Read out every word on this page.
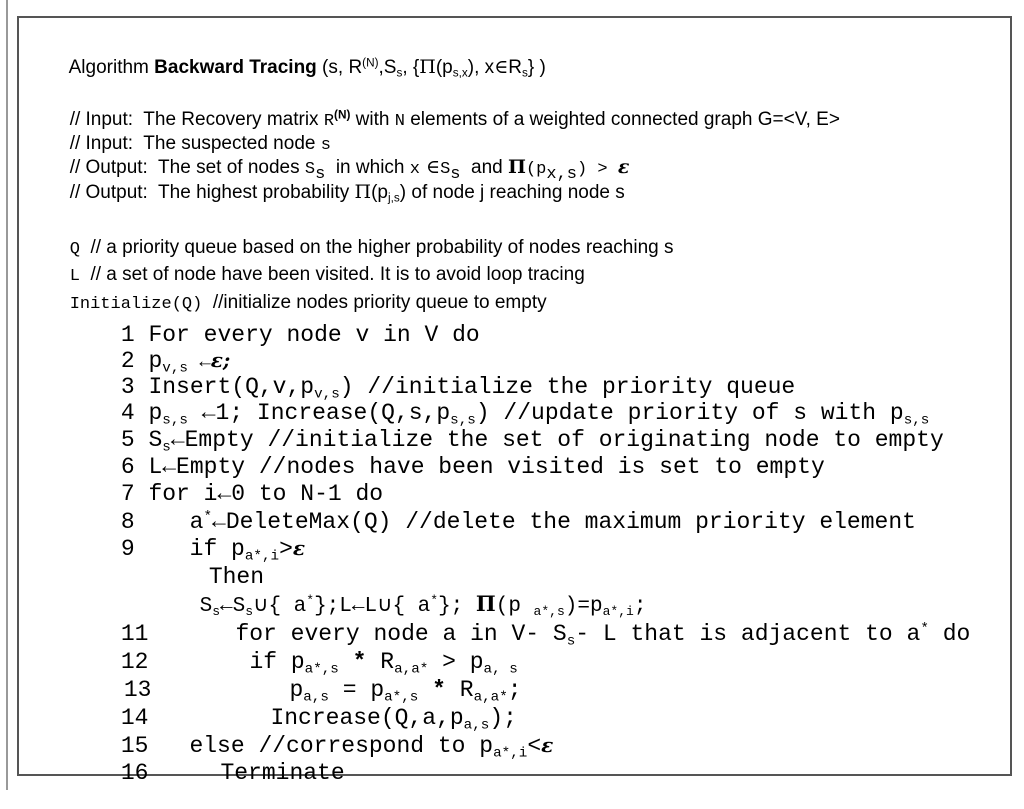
Algorithm Backward Tracing (s, $R^{(N)},S_s$, {$\Pi(p_{s,x})$, $x\in R_s$} )

// Input:  The Recovery matrix $R^{(N)}$ with N elements of a weighted connected graph G=<V, E>

// Input:  The suspected node s

// Output:  The set of nodes $S_s$  in which x $\in S_s$  and $\Pi(p_{x,s}) > \varepsilon$

// Output:  The highest probability $\Pi(p_{j,s})$ of node j reaching node s

Q  // a priority queue based on the higher probability of nodes reaching s

L  // a set of node have been visited. It is to avoid loop tracing

Initialize(Q)  //initialize nodes priority queue to empty

1 For every node v in V do

2 $p_{v,s}$ ←ε;

3 $Insert(Q,v,p_{v,s})$ //initialize the priority queue

4 $p_{s,s}$ ←1; $Increase(Q,s,p_{s,s})$ //update priority of s with $p_{s,s}$

5 $S_s\leftarrow Empty$ //initialize the set of originating node to empty

6 L←Empty //nodes have been visited is set to empty

7 for i←0 to N-1 do

8 a*←DeleteMax(Q) //delete the maximum priority element

9 if $p_{a*,i}>\varepsilon$

Then

$S_s\leftarrow S_s\cup${ a*};L←L∪{ a*}; Π(p $_{a*,s})=p_{a*,i}$;

11	for every node a in V- $S_s-$ L that is adjacent to a* do

12	if $p_{a*,s} * R_{a,a*} > p_{a, s}$

13	$p_{a,s} = p_{a*,s} * R_{a,a*}$;

14	$Increase(Q,a,p_{a,s})$;

15 else //correspond to $p_{a*,i}<\varepsilon$

16	Terminate
